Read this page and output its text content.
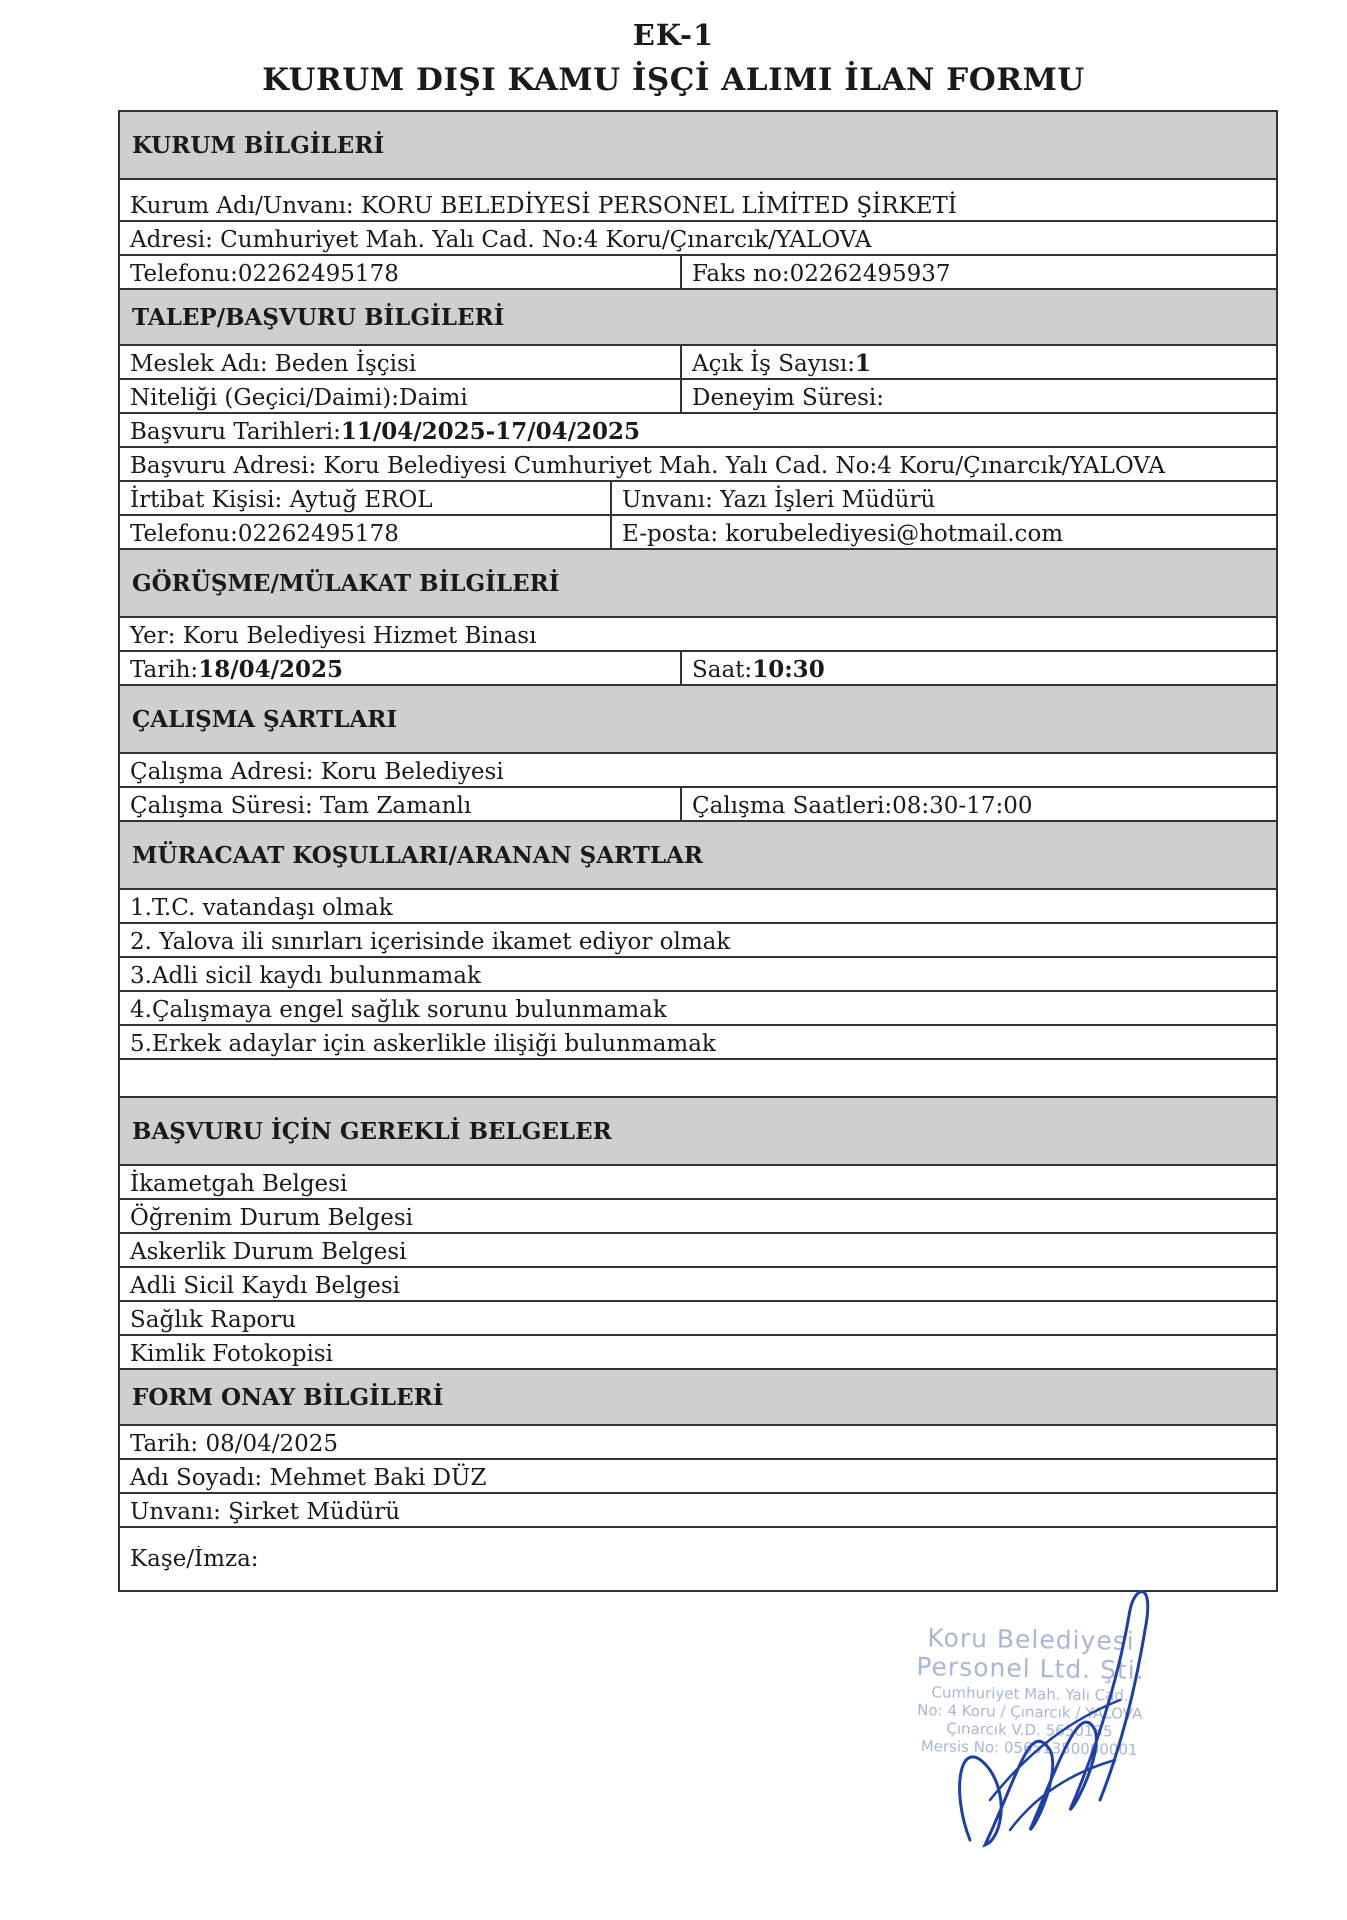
EK-1
KURUM DIŞI KAMU İŞÇİ ALIMI İLAN FORMU
KURUM BİLGİLERİ
Kurum Adı/Unvanı: KORU BELEDİYESİ PERSONEL LİMİTED ŞİRKETİ
Adresi: Cumhuriyet Mah. Yalı Cad. No:4 Koru/Çınarcık/YALOVA
Telefonu:02262495178	Faks no:02262495937
TALEP/BAŞVURU BİLGİLERİ
Meslek Adı: Beden İşçisi	Açık İş Sayısı: 1
Niteliği (Geçici/Daimi):Daimi	Deneyim Süresi:
Başvuru Tarihleri: 11/04/2025-17/04/2025
Başvuru Adresi: Koru Belediyesi Cumhuriyet Mah. Yalı Cad. No:4 Koru/Çınarcık/YALOVA
İrtibat Kişisi: Aytuğ EROL	Unvanı: Yazı İşleri Müdürü
Telefonu:02262495178	E-posta: korubelediyesi@hotmail.com
GÖRÜŞME/MÜLAKAT BİLGİLERİ
Yer: Koru Belediyesi Hizmet Binası
Tarih: 18/04/2025	Saat: 10:30
ÇALIŞMA ŞARTLARI
Çalışma Adresi: Koru Belediyesi
Çalışma Süresi: Tam Zamanlı	Çalışma Saatleri:08:30-17:00
MÜRACAAT KOŞULLARI/ARANAN ŞARTLAR
1.T.C. vatandaşı olmak
2. Yalova ili sınırları içerisinde ikamet ediyor olmak
3.Adli sicil kaydı bulunmamak
4.Çalışmaya engel sağlık sorunu bulunmamak
5.Erkek adaylar için askerlikle ilişiği bulunmamak
BAŞVURU İÇİN GEREKLİ BELGELER
İkametgah Belgesi
Öğrenim Durum Belgesi
Askerlik Durum Belgesi
Adli Sicil Kaydı Belgesi
Sağlık Raporu
Kimlik Fotokopisi
FORM ONAY BİLGİLERİ
Tarih: 08/04/2025
Adı Soyadı: Mehmet Baki DÜZ
Unvanı: Şirket Müdürü
Kaşe/İmza:
Koru Belediyesi
Personel Ltd. Şti.
Cumhuriyet Mah. Yalı Cad.
No: 4 Koru / Çınarcık / YALOVA
Çınarcık V.D. 5650135
Mersis No: 05651350000001
